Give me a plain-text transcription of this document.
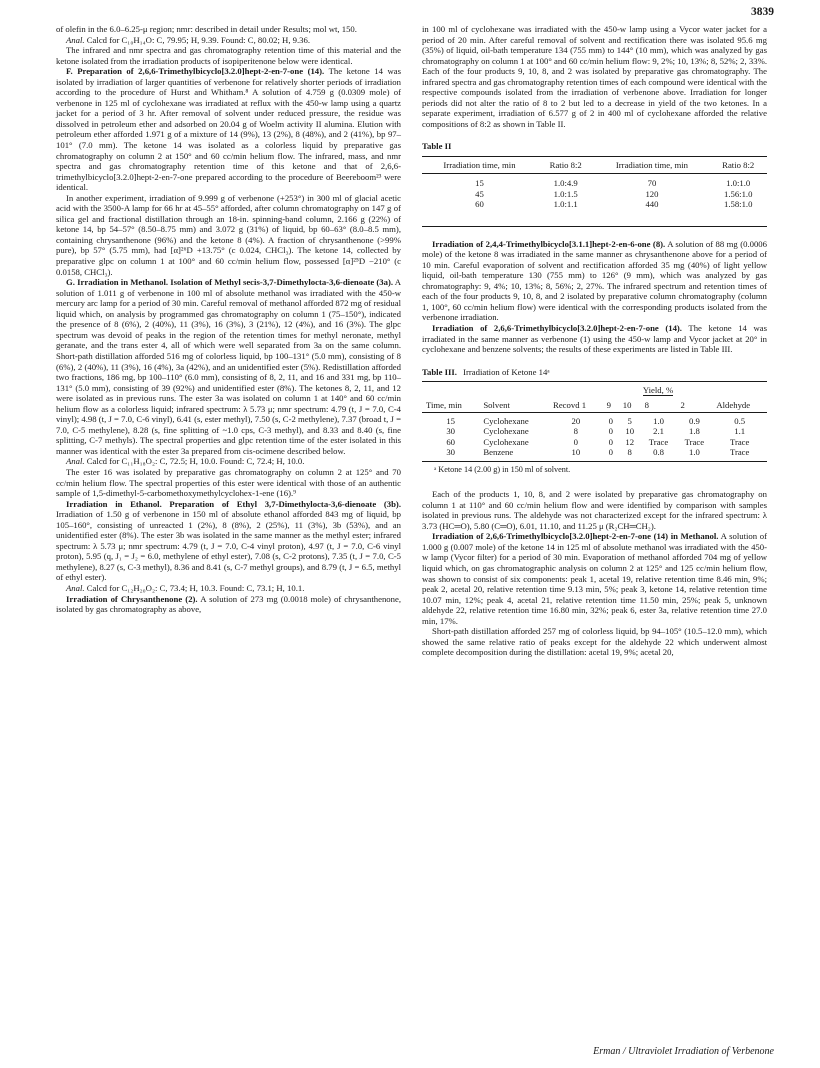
3839

of olefin in the 6.0–6.25-μ region; nmr: described in detail under Results; mol wt, 150.

Anal. Calcd for C₁₀H₁₄O: C, 79.95; H, 9.39. Found: C, 80.02; H, 9.36.

The infrared and nmr spectra and gas chromatography retention time of this material and the ketone isolated from the irradiation products of isopiperitenone below were identical.

F. Preparation of 2,6,6-Trimethylbicyclo[3.2.0]hept-2-en-7-one (14). The ketone 14 was isolated by irradiation of larger quantities of verbenone for relatively shorter periods of irradiation according to the procedure of Hurst and Whitham.⁸ A solution of 4.759 g (0.0309 mole) of verbenone in 125 ml of cyclohexane was irradiated at reflux with the 450-w lamp using a quartz jacket for a period of 3 hr. After removal of solvent under reduced pressure, the residue was dissolved in petroleum ether and adsorbed on 20.04 g of Woelm activity II alumina. Elution with petroleum ether afforded 1.971 g of a mixture of 14 (9%), 13 (2%), 8 (48%), and 2 (41%), bp 97–101° (7.0 mm). The ketone 14 was isolated as a colorless liquid by preparative gas chromatography on column 2 at 150° and 60 cc/min helium flow. The infrared, mass, and nmr spectra and gas chromatography retention time of this ketone and that of 2,6,6-trimethylbicyclo[3.2.0]hept-2-en-7-one prepared according to the procedure of Beereboom²³ were identical.

In another experiment, irradiation of 9.999 g of verbenone (+253°) in 300 ml of glacial acetic acid with the 3500-A lamp for 66 hr at 45–55° afforded, after column chromatography on 147 g of silica gel and fractional distillation through an 18-in. spinning-band column, 2.166 g (22%) of ketone 14, bp 54–57° (8.50–8.75 mm) and 3.072 g (31%) of liquid, bp 60–63° (8.0–8.5 mm), containing chrysanthenone (96%) and the ketone 8 (4%). A fraction of chrysanthenone (>99% pure), bp 57° (5.75 mm), had [α]²⁶D +13.75° (c 0.024, CHCl₃). The ketone 14, collected by preparative glpc on column 1 at 100° and 60 cc/min helium flow, possessed [α]²⁵D −210° (c 0.0158, CHCl₃).

G. Irradiation in Methanol. Isolation of Methyl secis-3,7-Dimethylocta-3,6-dienoate (3a). A solution of 1.011 g of verbenone in 100 ml of absolute methanol was irradiated with the 450-w mercury arc lamp for a period of 30 min. Careful removal of methanol afforded 872 mg of residual liquid which, on analysis by programmed gas chromatography on column 1 (75–150°), indicated the presence of 8 (6%), 2 (40%), 11 (3%), 16 (3%), 3 (21%), 12 (4%), and 16 (3%). The glpc spectrum was devoid of peaks in the region of the retention times for methyl neronate, methyl geranate, and the trans ester 4, all of which were well separated from 3a on the same column. Short-path distillation afforded 516 mg of colorless liquid, bp 100–131° (5.0 mm), consisting of 8 (6%), 2 (40%), 11 (3%), 16 (4%), 3a (42%), and an unidentified ester (5%). Redistillation afforded two fractions, 186 mg, bp 100–110° (6.0 mm), consisting of 8, 2, 11, and 16 and 331 mg, bp 110–131° (5.0 mm), consisting of 39 (92%) and unidentified ester (8%). The ketones 8, 2, 11, and 12 were isolated as in previous runs. The ester 3a was isolated on column 1 at 140° and 60 cc/min helium flow as a colorless liquid; infrared spectrum: λ 5.73 μ; nmr spectrum: 4.79 (t, J = 7.0, C-4 vinyl); 4.98 (t, J = 7.0, C-6 vinyl), 6.41 (s, ester methyl), 7.50 (s, C-2 methylene), 7.37 (broad t, J = 7.0, C-5 methylene), 8.28 (s, fine splitting of ~1.0 cps, C-3 methyl), and 8.33 and 8.40 (s, fine splitting, C-7 methyls). The spectral properties and glpc retention time of the ester isolated in this manner was identical with the ester 3a prepared from cis-ocimene described below.

Anal. Calcd for C₁₁H₁₈O₂: C, 72.5; H, 10.0. Found: C, 72.4; H, 10.0.

The ester 16 was isolated by preparative gas chromatography on column 2 at 125° and 70 cc/min helium flow. The spectral properties of this ester were identical with those of an authentic sample of 1,5-dimethyl-5-carbomethoxymethylcyclohex-1-ene (16).⁹

Irradiation in Ethanol. Preparation of Ethyl 3,7-Dimethylocta-3,6-dienoate (3b). Irradiation of 1.50 g of verbenone in 150 ml of absolute ethanol afforded 843 mg of liquid, bp 105–160°, consisting of unreacted 1 (2%), 8 (8%), 2 (25%), 11 (3%), 3b (53%), and an unidentified ester (8%). The ester 3b was isolated in the same manner as the methyl ester; infrared spectrum: λ 5.73 μ; nmr spectrum: 4.79 (t, J = 7.0, C-4 vinyl proton), 4.97 (t, J = 7.0, C-6 vinyl proton), 5.95 (q, J₁ = J₂ = 6.0, methylene of ethyl ester), 7.08 (s, C-2 protons), 7.35 (t, J = 7.0, C-5 methylene), 8.27 (s, C-3 methyl), 8.36 and 8.41 (s, C-7 methyl groups), and 8.79 (t, J = 6.5, methyl of ethyl ester).

Anal. Calcd for C₁₂H₂₀O₂: C, 73.4; H, 10.3. Found: C, 73.1; H, 10.1.

Irradiation of Chrysanthenone (2). A solution of 273 mg (0.0018 mole) of chrysanthenone, isolated by gas chromatography as above,

in 100 ml of cyclohexane was irradiated with the 450-w lamp using a Vycor water jacket for a period of 20 min. After careful removal of solvent and rectification there was isolated 95.6 mg (35%) of liquid, oil-bath temperature 134 (755 mm) to 144° (10 mm), which was analyzed by gas chromatography on column 1 at 100° and 60 cc/min helium flow: 9, 2%; 10, 13%; 8, 52%; 2, 33%. Each of the four products 9, 10, 8, and 2 was isolated by preparative gas chromatography. The infrared spectra and gas chromatography retention times of each compound were identical with the respective compounds isolated from the irradiation of verbenone above. Irradiation for longer periods did not alter the ratio of 8 to 2 but led to a decrease in yield of the two ketones. In a separate experiment, irradiation of 6.577 g of 2 in 400 ml of cyclohexane afforded the relative compositions of 8:2 as shown in Table II.

Table II
Irradiation time, min	Ratio 8:2	Irradiation time, min	Ratio 8:2
15	1.0:4.9	70	1.0:1.0
45	1.0:1.5	120	1.56:1.0
60	1.0:1.1	440	1.58:1.0

Irradiation of 2,4,4-Trimethylbicyclo[3.1.1]hept-2-en-6-one (8). A solution of 88 mg (0.0006 mole) of the ketone 8 was irradiated in the same manner as chrysanthenone above for a period of 10 min. Careful evaporation of solvent and rectification afforded 35 mg (40%) of light yellow liquid, oil-bath temperature 130 (755 mm) to 126° (9 mm), which was analyzed by gas chromatography: 9, 4%; 10, 13%; 8, 56%; 2, 27%. The infrared spectrum and retention times of each of the four products 9, 10, 8, and 2 isolated by preparative column chromatography (column 1, 100°, 60 cc/min helium flow) were identical with the corresponding products isolated from the verbenone irradiation.

Irradiation of 2,6,6-Trimethylbicyclo[3.2.0]hept-2-en-7-one (14). The ketone 14 was irradiated in the same manner as verbenone (1) using the 450-w lamp and Vycor jacket at 20° in cyclohexane and benzene solvents; the results of these experiments are listed in Table III.

Table III. Irradiation of Ketone 14ᵃ
		Yield, %					
Time, min	Solvent	Recovd 1	9	10	8	2	Aldehyde
15	Cyclohexane	20	0	5	1.0	0.9	0.5
30	Cyclohexane	8	0	10	2.1	1.8	1.1
60	Cyclohexane	0	0	12	Trace	Trace	Trace
30	Benzene	10	0	8	0.8	1.0	Trace
ᵃ Ketone 14 (2.00 g) in 150 ml of solvent.

Each of the products 1, 10, 8, and 2 were isolated by preparative gas chromatography on column 1 at 110° and 60 cc/min helium flow and were identified by comparison with samples isolated in previous runs. The aldehyde was not characterized except for the infrared spectrum: λ 3.73 (HC═O), 5.80 (C═O), 6.01, 11.10, and 11.25 μ (R₂CH═CH₂).

Irradiation of 2,6,6-Trimethylbicyclo[3.2.0]hept-2-en-7-one (14) in Methanol. A solution of 1.000 g (0.007 mole) of the ketone 14 in 125 ml of absolute methanol was irradiated with the 450-w lamp (Vycor filter) for a period of 30 min. Evaporation of methanol afforded 704 mg of yellow liquid which, on gas chromatographic analysis on column 2 at 125° and 125 cc/min helium flow, was shown to consist of six components: peak 1, acetal 19, relative retention time 8.46 min, 9%; peak 2, acetal 20, relative retention time 9.13 min, 5%; peak 3, ketone 14, relative retention time 10.07 min, 12%; peak 4, acetal 21, relative retention time 11.50 min, 25%; peak 5, unknown aldehyde 22, relative retention time 16.80 min, 32%; peak 6, ester 3a, relative retention time 27.0 min, 17%.

Short-path distillation afforded 257 mg of colorless liquid, bp 94–105° (10.5–12.0 mm), which showed the same relative ratio of peaks except for the aldehyde 22 which underwent almost complete decomposition during the distillation: acetal 19, 9%; acetal 20,

Erman / Ultraviolet Irradiation of Verbenone
